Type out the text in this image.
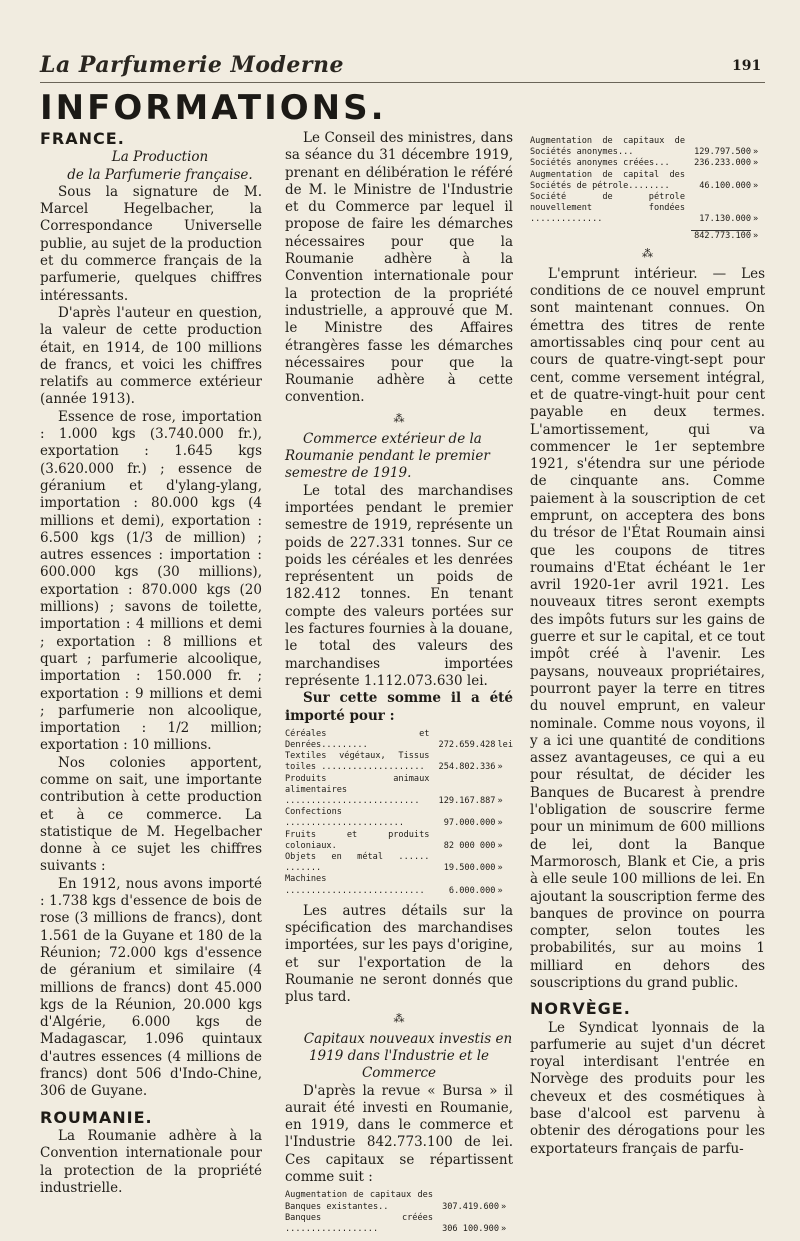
La Parfumerie Moderne	191
INFORMATIONS.
FRANCE.

La Production

de la Parfumerie française.

Sous la signature de M. Marcel Hegelbacher, la Correspondance Universelle publie, au sujet de la production et du commerce français de la parfumerie, quelques chiffres intéressants.

D'après l'auteur en question, la valeur de cette production était, en 1914, de 100 millions de francs, et voici les chiffres relatifs au commerce extérieur (année 1913).

Essence de rose, importation : 1.000 kgs (3.740.000 fr.), exportation : 1.645 kgs (3.620.000 fr.) ; essence de géranium et d'ylang-ylang, importation : 80.000 kgs (4 millions et demi), exportation : 6.500 kgs (1/3 de million) ; autres essences : importation : 600.000 kgs (30 millions), exportation : 870.000 kgs (20 millions) ; savons de toilette, importation : 4 millions et demi ; exportation : 8 millions et quart ; parfumerie alcoolique, importation : 150.000 fr. ; exportation : 9 millions et demi ; parfumerie non alcoolique, importation : 1/2 million; exportation : 10 millions.

Nos colonies apportent, comme on sait, une importante contribution à cette production et à ce commerce. La statistique de M. Hegelbacher donne à ce sujet les chiffres suivants :

En 1912, nous avons importé : 1.738 kgs d'essence de bois de rose (3 millions de francs), dont 1.561 de la Guyane et 180 de la Réunion; 72.000 kgs d'essence de géranium et similaire (4 millions de francs) dont 45.000 kgs de la Réunion, 20.000 kgs d'Algérie, 6.000 kgs de Madagascar, 1.096 quintaux d'autres essences (4 millions de francs) dont 506 d'Indo-Chine, 306 de Guyane.

ROUMANIE.

La Roumanie adhère à la Convention internationale pour la protection de la propriété industrielle.

Le Conseil des ministres, dans sa séance du 31 décembre 1919, prenant en délibération le référé de M. le Ministre de l'Industrie et du Commerce par lequel il propose de faire les démarches nécessaires pour que la Roumanie adhère à la Convention internationale pour la protection de la propriété industrielle, a approuvé que M. le Ministre des Affaires étrangères fasse les démarches nécessaires pour que la Roumanie adhère à cette convention.

⁂

Commerce extérieur de la Roumanie pendant le premier semestre de 1919.

Le total des marchandises importées pendant le premier semestre de 1919, représente un poids de 227.331 tonnes. Sur ce poids les céréales et les denrées représentent un poids de 182.412 tonnes. En tenant compte des valeurs portées sur les factures fournies à la douane, le total des valeurs des marchandises importées représente 1.112.073.630 lei.

Sur cette somme il a été importé pour :

Céréales et Denrées.........	272.659.428	lei
Textiles végétaux, Tissus toiles ....................	254.802.336	»
Produits animaux alimentaires ..........................	129.167.887	»
Confections .......................	97.000.000	»
Fruits et produits coloniaux.	82 000 000	»
Objets en métal ...... .......	19.500.000	»
Machines ...........................	6.000.000	»

Les autres détails sur la spécification des marchandises importées, sur les pays d'origine, et sur l'exportation de la Roumanie ne seront donnés que plus tard.

⁂

Capitaux nouveaux investis en 1919 dans l'Industrie et le Commerce

D'après la revue « Bursa » il aurait été investi en Roumanie, en 1919, dans le commerce et l'Industrie 842.773.100 de lei. Ces capitaux se répartissent comme suit :

Augmentation de capitaux des Banques existantes..	307.419.600	»
Banques créées ..................	306 100.900	»
Augmentation de capitaux de Sociétés anonymes...	129.797.500	»
Sociétés anonymes créées...	236.233.000	»
Augmentation de capital des Sociétés de pétrole........	46.100.000	»
Société de pétrole nouvellement fondées ..............	17.130.000	»

842.773.100	»
⁂

L'emprunt intérieur. — Les conditions de ce nouvel emprunt sont maintenant connues. On émettra des titres de rente amortissables cinq pour cent au cours de quatre-vingt-sept pour cent, comme versement intégral, et de quatre-vingt-huit pour cent payable en deux termes. L'amortissement, qui va commencer le 1er septembre 1921, s'étendra sur une période de cinquante ans. Comme paiement à la souscription de cet emprunt, on acceptera des bons du trésor de l'État Roumain ainsi que les coupons de titres roumains d'Etat échéant le 1er avril 1920-1er avril 1921. Les nouveaux titres seront exempts des impôts futurs sur les gains de guerre et sur le capital, et ce tout impôt créé à l'avenir. Les paysans, nouveaux propriétaires, pourront payer la terre en titres du nouvel emprunt, en valeur nominale. Comme nous voyons, il y a ici une quantité de conditions assez avantageuses, ce qui a eu pour résultat, de décider les Banques de Bucarest à prendre l'obligation de souscrire ferme pour un minimum de 600 millions de lei, dont la Banque Marmorosch, Blank et Cie, a pris à elle seule 100 millions de lei. En ajoutant la souscription ferme des banques de province on pourra compter, selon toutes les probabilités, sur au moins 1 milliard en dehors des souscriptions du grand public.

NORVÈGE.

Le Syndicat lyonnais de la parfumerie au sujet d'un décret royal interdisant l'entrée en Norvège des produits pour les cheveux et des cosmétiques à base d'alcool est parvenu à obtenir des dérogations pour les exportateurs français de parfu-
